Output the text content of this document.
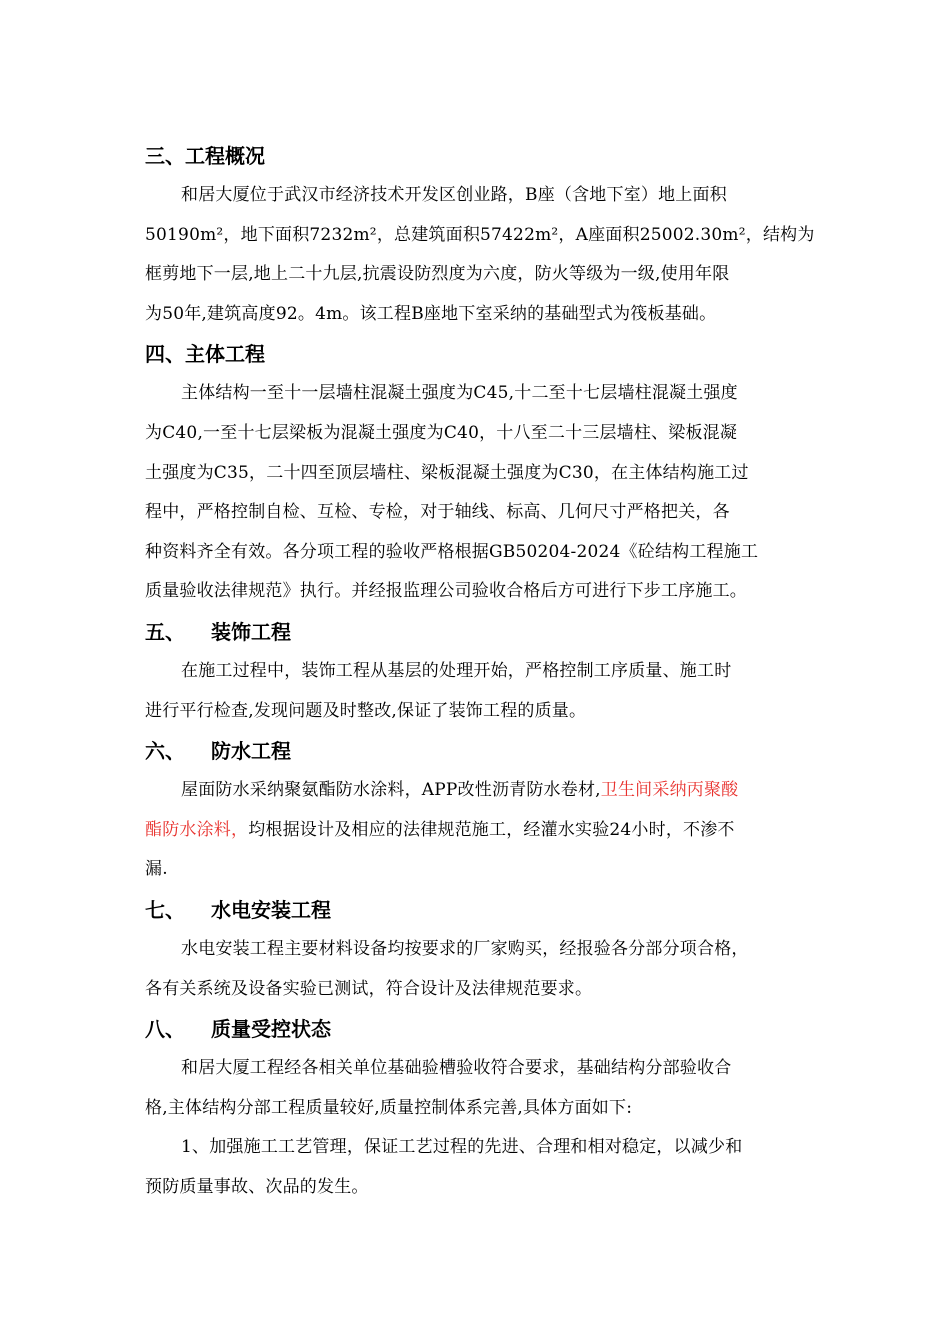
三、工程概况

和居大厦位于武汉市经济技术开发区创业路，B座（含地下室）地上面积
50190m²，地下面积7232m²，总建筑面积57422m²，A座面积25002.30m²，结构为
框剪地下一层,地上二十九层,抗震设防烈度为六度，防火等级为一级,使用年限
为50年,建筑高度92。4m。该工程B座地下室采纳的基础型式为筏板基础。

四、主体工程

主体结构一至十一层墙柱混凝土强度为C45,十二至十七层墙柱混凝土强度
为C40,一至十七层梁板为混凝土强度为C40，十八至二十三层墙柱、梁板混凝
土强度为C35，二十四至顶层墙柱、梁板混凝土强度为C30，在主体结构施工过
程中，严格控制自检、互检、专检，对于轴线、标高、几何尺寸严格把关，各
种资料齐全有效。各分项工程的验收严格根据GB50204-2024《砼结构工程施工
质量验收法律规范》执行。并经报监理公司验收合格后方可进行下步工序施工。

五、 装饰工程

在施工过程中，装饰工程从基层的处理开始，严格控制工序质量、施工时
进行平行检查,发现问题及时整改,保证了装饰工程的质量。

六、 防水工程

屋面防水采纳聚氨酯防水涂料，APP改性沥青防水卷材,卫生间采纳丙聚酸
酯防水涂料，均根据设计及相应的法律规范施工，经灌水实验24小时，不渗不
漏.

七、 水电安装工程

水电安装工程主要材料设备均按要求的厂家购买，经报验各分部分项合格，
各有关系统及设备实验已测试，符合设计及法律规范要求。

八、 质量受控状态

和居大厦工程经各相关单位基础验槽验收符合要求，基础结构分部验收合
格,主体结构分部工程质量较好,质量控制体系完善,具体方面如下:
1、加强施工工艺管理，保证工艺过程的先进、合理和相对稳定，以减少和
预防质量事故、次品的发生。
